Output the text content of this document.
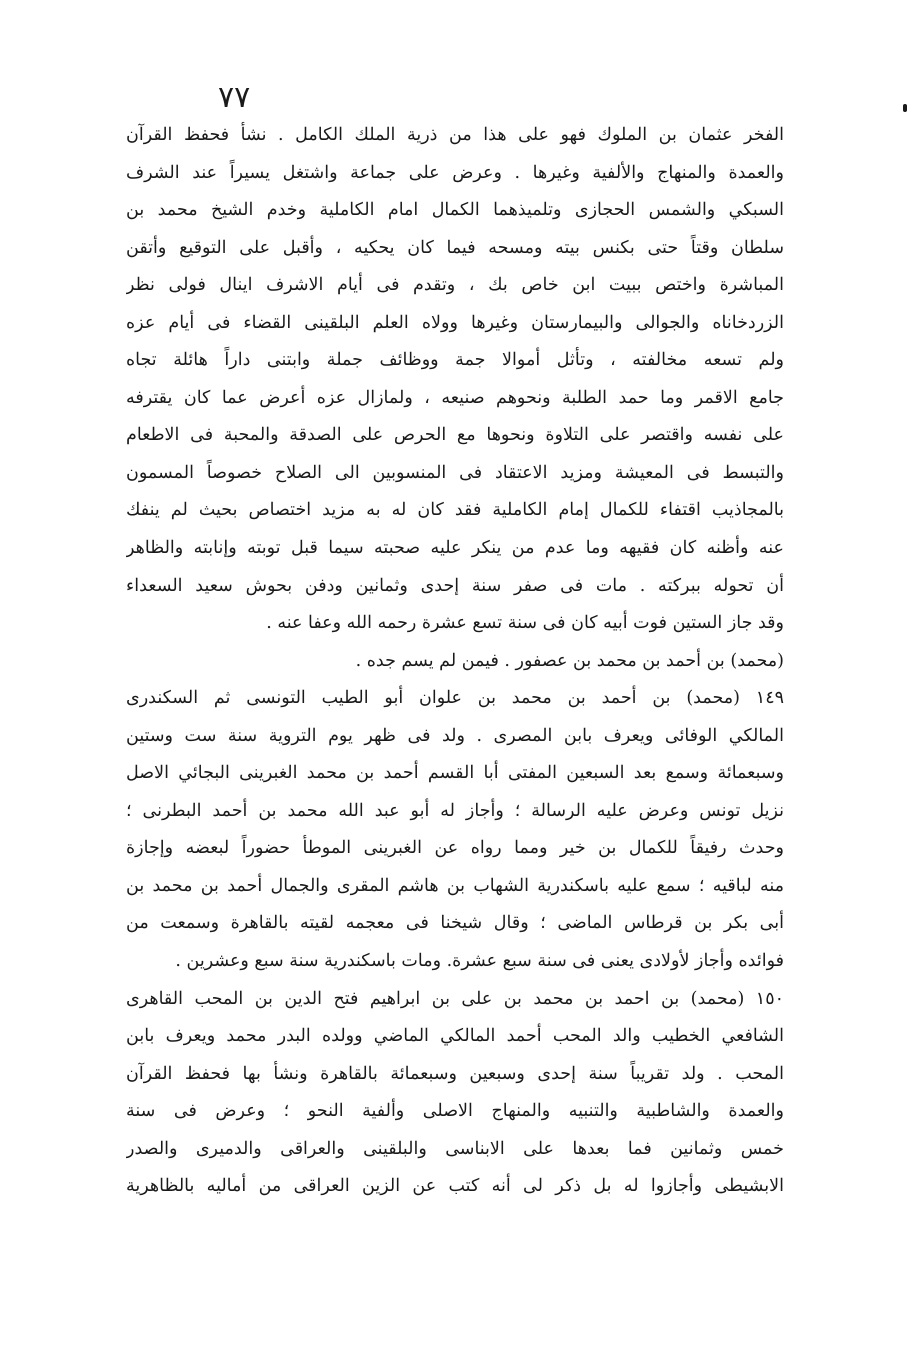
٧٧
الفخر عثمان بن الملوك فهو على هذا من ذرية الملك الكامل . نشأ فحفظ القرآن
والعمدة والمنهاج والألفية وغيرها . وعرض على جماعة واشتغل يسيراً عند الشرف
السبكي والشمس الحجازى وتلميذهما الكمال امام الكاملية وخدم الشيخ محمد بن
سلطان وقتاً حتى بكنس بيته ومسحه فيما كان يحكيه ، وأقبل على التوقيع وأتقن
المباشرة واختص ببيت ابن خاص بك ، وتقدم فى أيام الاشرف اينال فولى نظر
الزردخاناه والجوالى والبيمارستان وغيرها وولاه العلم البلقينى القضاء فى أيام عزه
ولم تسعه مخالفته ، وتأثل أموالا جمة ووظائف جملة وابتنى داراً هائلة تجاه
جامع الاقمر وما حمد الطلبة ونحوهم صنيعه ، ولمازال عزه أعرض عما كان يقترفه
على نفسه واقتصر على التلاوة ونحوها مع الحرص على الصدقة والمحبة فى الاطعام
والتبسط فى المعيشة ومزيد الاعتقاد فى المنسوبين الى الصلاح خصوصاً المسمون
بالمجاذيب اقتفاء للكمال إمام الكاملية فقد كان له به مزيد اختصاص بحيث لم ينفك
عنه وأظنه كان فقيهه وما عدم من ينكر عليه صحبته سيما قبل توبته وإنابته والظاهر
أن تحوله ببركته . مات فى صفر سنة إحدى وثمانين ودفن بحوش سعيد السعداء
وقد جاز الستين فوت أبيه كان فى سنة تسع عشرة رحمه الله وعفا عنه .
(محمد) بن أحمد بن محمد بن عصفور . فيمن لم يسم جده .
١٤٩ (محمد) بن أحمد بن محمد بن علوان أبو الطيب التونسى ثم السكندرى
المالكي الوفائى ويعرف بابن المصرى . ولد فى ظهر يوم التروية سنة ست وستين
وسبعمائة وسمع بعد السبعين المفتى أبا القسم أحمد بن محمد الغبرينى البجائي الاصل
نزيل تونس وعرض عليه الرسالة ؛ وأجاز له أبو عبد الله محمد بن أحمد البطرنى ؛
وحدث رفيقاً للكمال بن خير ومما رواه عن الغبرينى الموطأ حضوراً لبعضه وإجازة
منه لباقيه ؛ سمع عليه باسكندرية الشهاب بن هاشم المقرى والجمال أحمد بن محمد بن
أبى بكر بن قرطاس الماضى ؛ وقال شيخنا فى معجمه لقيته بالقاهرة وسمعت من
فوائده وأجاز لأولادى يعنى فى سنة سبع عشرة. ومات باسكندرية سنة سبع وعشرين .
١٥٠ (محمد) بن احمد بن محمد بن على بن ابراهيم فتح الدين بن المحب القاهرى
الشافعي الخطيب والد المحب أحمد المالكي الماضي وولده البدر محمد ويعرف بابن
المحب . ولد تقريباً سنة إحدى وسبعين وسبعمائة بالقاهرة ونشأ بها فحفظ القرآن
والعمدة والشاطبية والتنبيه والمنهاج الاصلى وألفية النحو ؛ وعرض فى سنة
خمس وثمانين فما بعدها على الابناسى والبلقينى والعراقى والدميرى والصدر
الابشيطى وأجازوا له بل ذكر لى أنه كتب عن الزين العراقى من أماليه بالظاهرية
